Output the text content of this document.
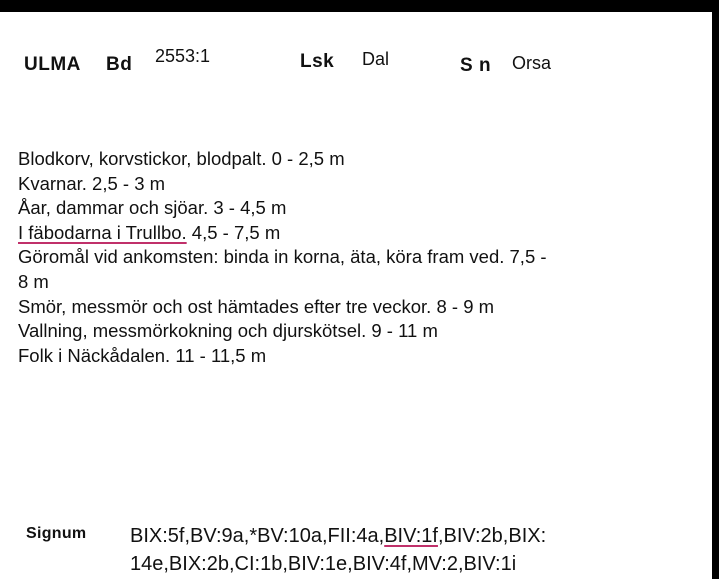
ULMA Bd 2553:1	Lsk Dal	S n Orsa
Blodkorv, korvstickor, blodpalt. 0 - 2,5 m
Kvarnar. 2,5 - 3 m
Åar, dammar och sjöar. 3 - 4,5 m
I fäbodarna i Trullbo. 4,5 - 7,5 m
Göromål vid ankomsten: binda in korna, äta, köra fram ved. 7,5 -
8 m
Smör, messmör och ost hämtades efter tre veckor. 8 - 9 m
Vallning, messmörkokning och djurskötsel. 9 - 11 m
Folk i Näckådalen. 11 - 11,5 m
Signum BIX:5f,BV:9a,*BV:10a,FII:4a,BIV:1f,BIV:2b,BIX:
14e,BIX:2b,CI:1b,BIV:1e,BIV:4f,MV:2,BIV:1i
